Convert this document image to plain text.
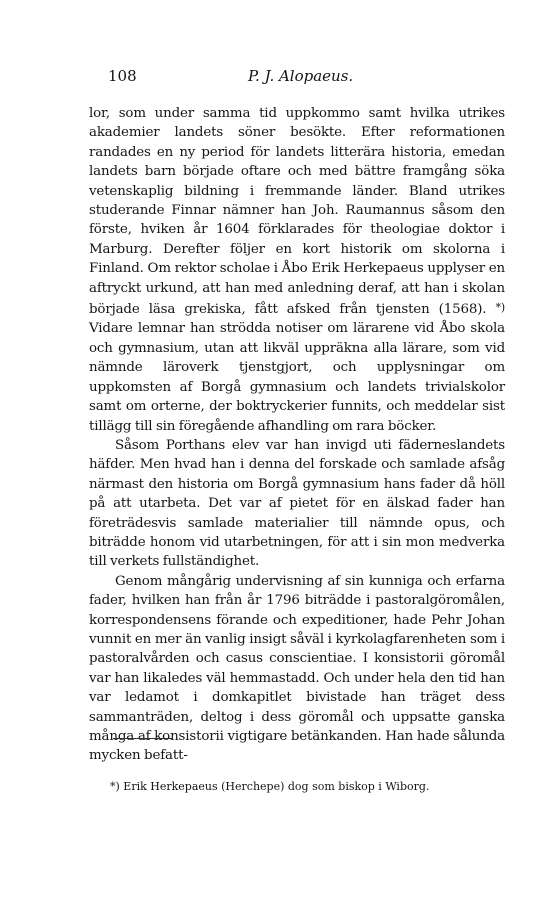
108	P. J. Alopaeus.

lor, som under samma tid uppkommo samt hvilka utrikes akademier landets söner besökte. Efter reformationen randades en ny period för landets litterära historia, emedan landets barn började oftare och med bättre framgång söka vetenskaplig bildning i fremmande länder. Bland utrikes studerande Finnar nämner han Joh. Raumannus såsom den förste, hviken år 1604 förklarades för theologiae doktor i Marburg. Derefter följer en kort historik om skolorna i Finland. Om rektor scholae i Åbo Erik Herkepaeus upplyser en aftryckt urkund, att han med anledning deraf, att han i skolan började läsa grekiska, fått afsked från tjensten (1568). *) Vidare lemnar han strödda notiser om lärarene vid Åbo skola och gymnasium, utan att likväl uppräkna alla lärare, som vid nämnde läroverk tjenstgjort, och upplysningar om uppkomsten af Borgå gymnasium och landets trivialskolor samt om orterne, der boktryckerier funnits, och meddelar sist tillägg till sin föregående afhandling om rara böcker.

Såsom Porthans elev var han invigd uti fäderneslandets häfder. Men hvad han i denna del forskade och samlade afsåg närmast den historia om Borgå gymnasium hans fader då höll på att utarbeta. Det var af pietet för en älskad fader han företrädesvis samlade materialier till nämnde opus, och biträdde honom vid utarbetningen, för att i sin mon medverka till verkets fullständighet.

Genom mångårig undervisning af sin kunniga och erfarna fader, hvilken han från år 1796 biträdde i pastoralgöromålen, korrespondensens förande och expeditioner, hade Pehr Johan vunnit en mer än vanlig insigt såväl i kyrkolagfarenheten som i pastoralvården och casus conscientiae. I konsistorii göromål var han likaledes väl hemmastadd. Och under hela den tid han var ledamot i domkapitlet bivistade han träget dess sammanträden, deltog i dess göromål och uppsatte ganska många af konsistorii vigtigare betänkanden. Han hade sålunda mycken befatt-

*) Erik Herkepaeus (Herchepe) dog som biskop i Wiborg.
